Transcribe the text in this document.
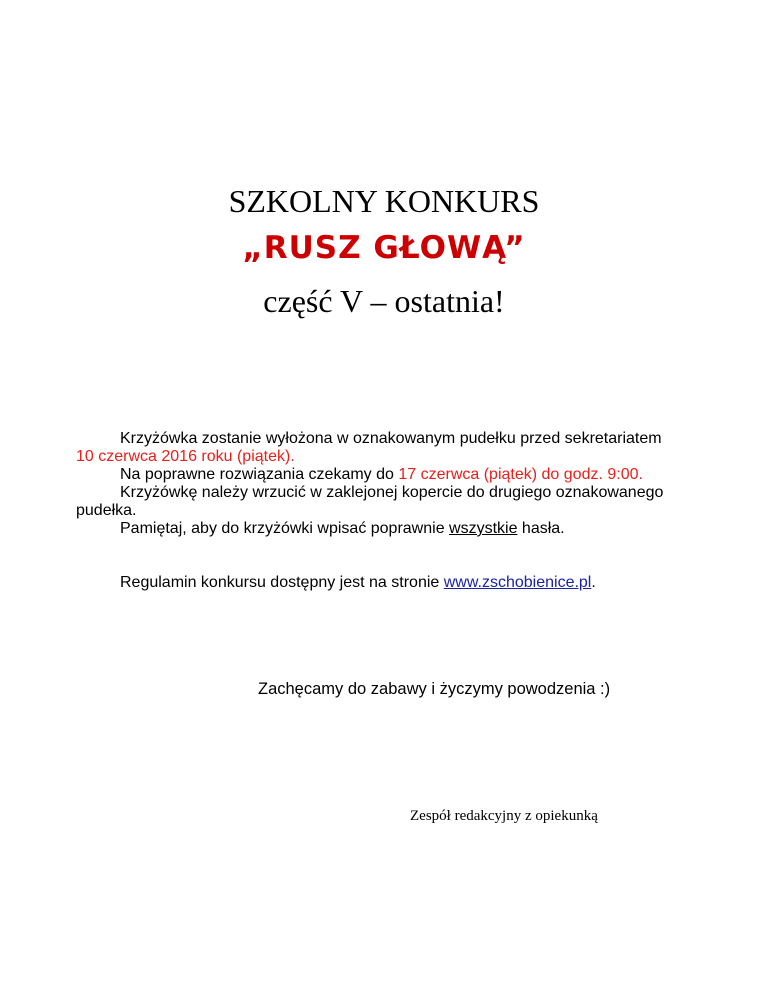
SZKOLNY KONKURS
„RUSZ GŁOWĄ”
część V – ostatnia!
Krzyżówka zostanie wyłożona w oznakowanym pudełku przed sekretariatem
10 czerwca 2016 roku (piątek).
Na poprawne rozwiązania czekamy do 17 czerwca (piątek) do godz. 9:00.
Krzyżówkę należy wrzucić w zaklejonej kopercie do drugiego oznakowanego
pudełka.
Pamiętaj, aby do krzyżówki wpisać poprawnie wszystkie hasła.
Regulamin konkursu dostępny jest na stronie www.zschobienice.pl.
Zachęcamy do zabawy i życzymy powodzenia :)
Zespół redakcyjny z opiekunką
